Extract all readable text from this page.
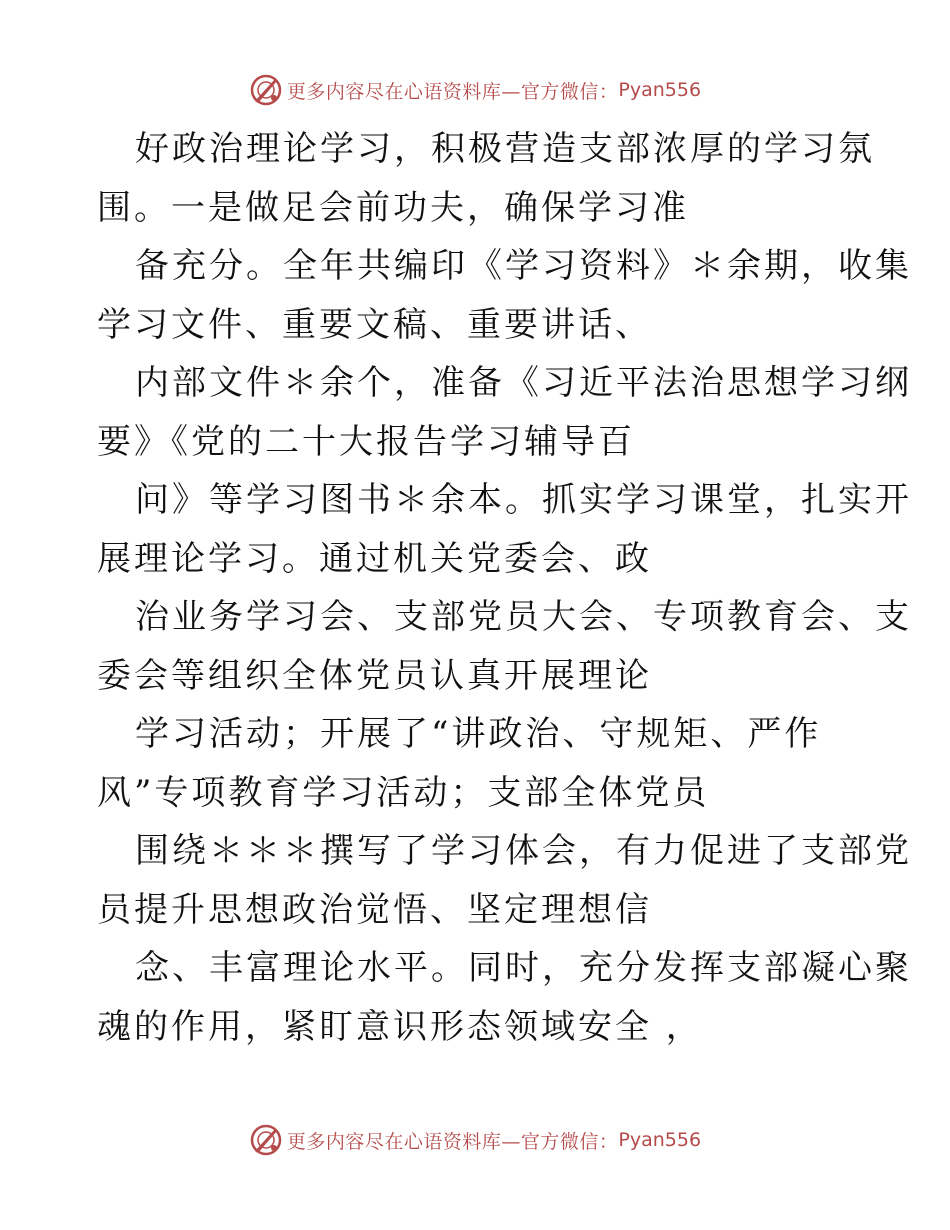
更多内容尽在心语资料库—官方微信： Pyan556
好政治理论学习，积极营造支部浓厚的学习氛
围。一是做足会前功夫，确保学习准
备充分。全年共编印《学习资料》＊余期，收集
学习文件、重要文稿、重要讲话、
内部文件＊余个，准备《习近平法治思想学习纲
要》《党的二十大报告学习辅导百
问》等学习图书＊余本。抓实学习课堂，扎实开
展理论学习。通过机关党委会、政
治业务学习会、支部党员大会、专项教育会、支
委会等组织全体党员认真开展理论
学习活动；开展了“讲政治、守规矩、严作
风”专项教育学习活动；支部全体党员
围绕＊＊＊撰写了学习体会，有力促进了支部党
员提升思想政治觉悟、坚定理想信
念、丰富理论水平。同时，充分发挥支部凝心聚
魂的作用，紧盯意识形态领域安全 ，
更多内容尽在心语资料库—官方微信： Pyan556
